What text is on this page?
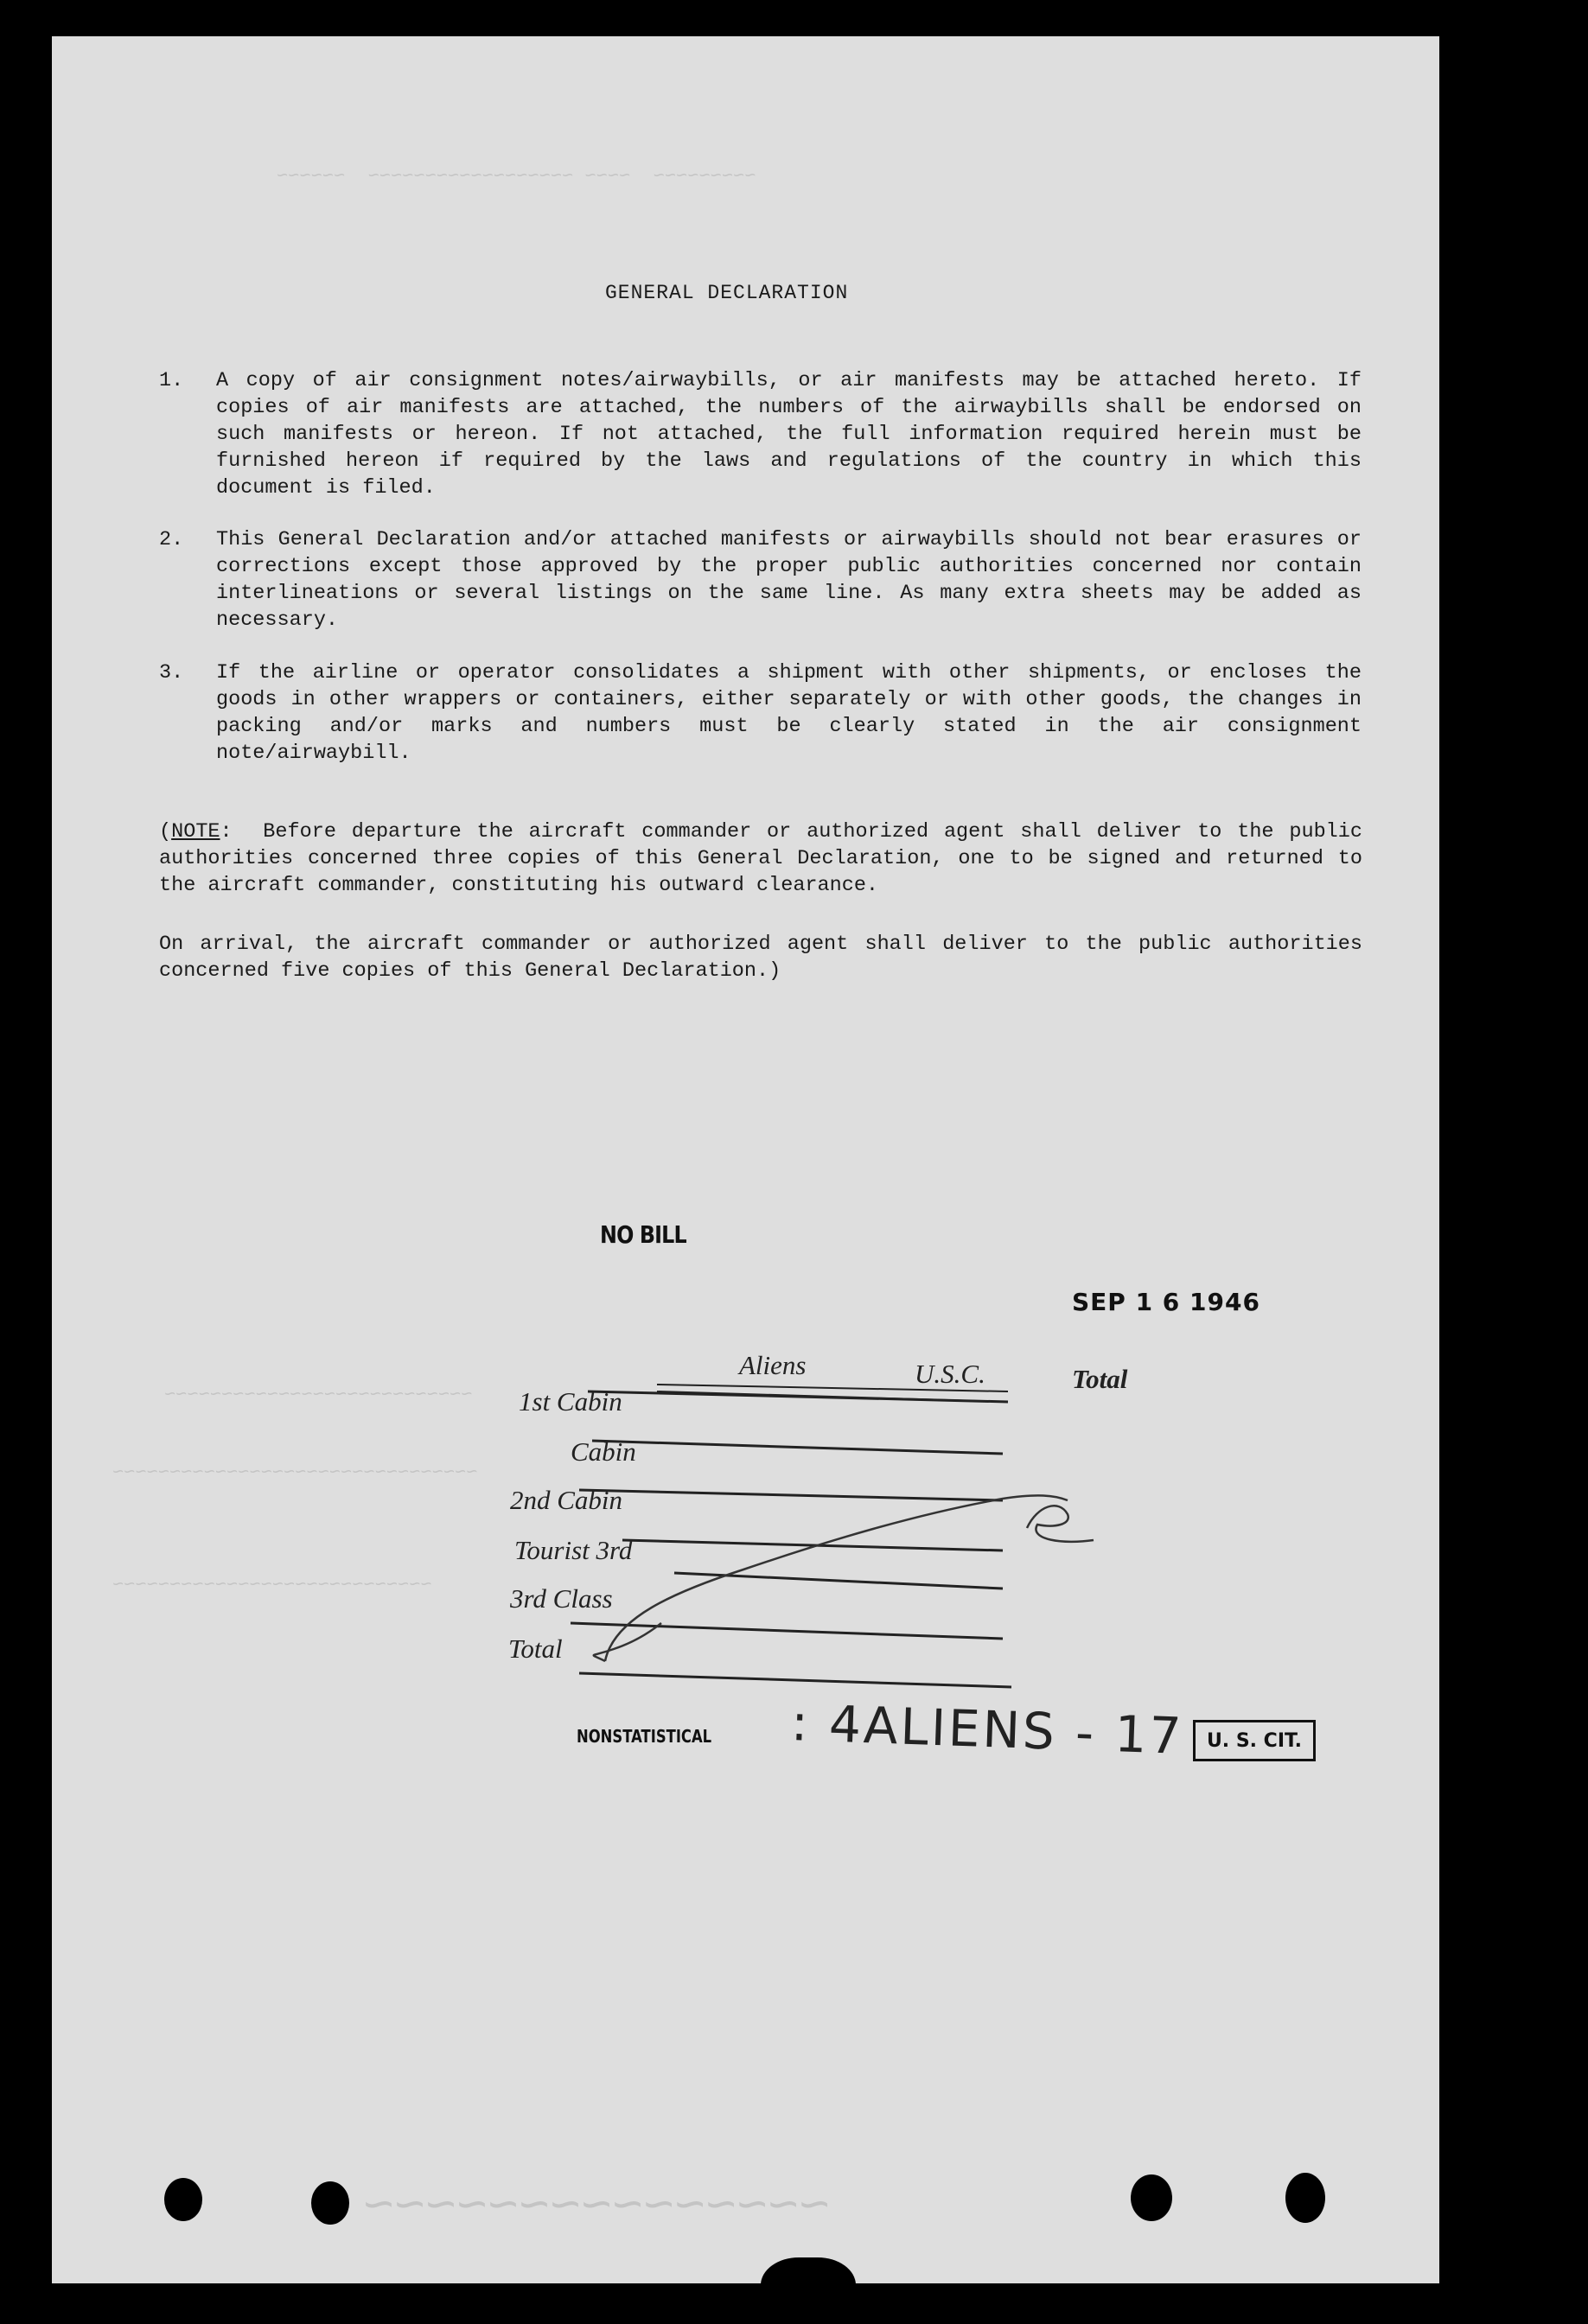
~~~~~~~~~  ~~~~ ~~~~~~~~~~~~~~~~~~  ~~~~~~
~~~~~~~~~~~~~~~~~~~~~~~~~~~
~~~~~~~~~~~~~~~~~~~~~~~~~~~~~~~~
~~~~~~~~~~~~~~~~~~~~~~~~~~~~
~~~~~~~~~~~~~~~
GENERAL DECLARATION
1. A copy of air consignment notes/airwaybills, or air manifests may be attached hereto. If copies of air manifests are attached, the numbers of the airwaybills shall be endorsed on such manifests or hereon. If not attached, the full information required herein must be furnished hereon if required by the laws and regulations of the country in which this document is filed.
2. This General Declaration and/or attached manifests or airwaybills should not bear erasures or corrections except those approved by the proper public authorities concerned nor contain interlineations or several listings on the same line. As many extra sheets may be added as necessary.
3. If the airline or operator consolidates a shipment with other shipments, or encloses the goods in other wrappers or containers, either separately or with other goods, the changes in packing and/or marks and numbers must be clearly stated in the air consignment note/airwaybill.
(NOTE:  Before departure the aircraft commander or authorized agent shall deliver to the public authorities concerned three copies of this General Declaration, one to be signed and returned to the aircraft commander, constituting his outward clearance.
On arrival, the aircraft commander or authorized agent shall deliver to the public authorities concerned five copies of this General Declaration.)
NO BILL
SEP 1 6 1946
Aliens	U.S.C.	Total
1st Cabin
Cabin
2nd Cabin
Tourist 3rd
3rd Class
Total
NONSTATISTICAL : 4ALIENS - 17	U. S. CIT.
